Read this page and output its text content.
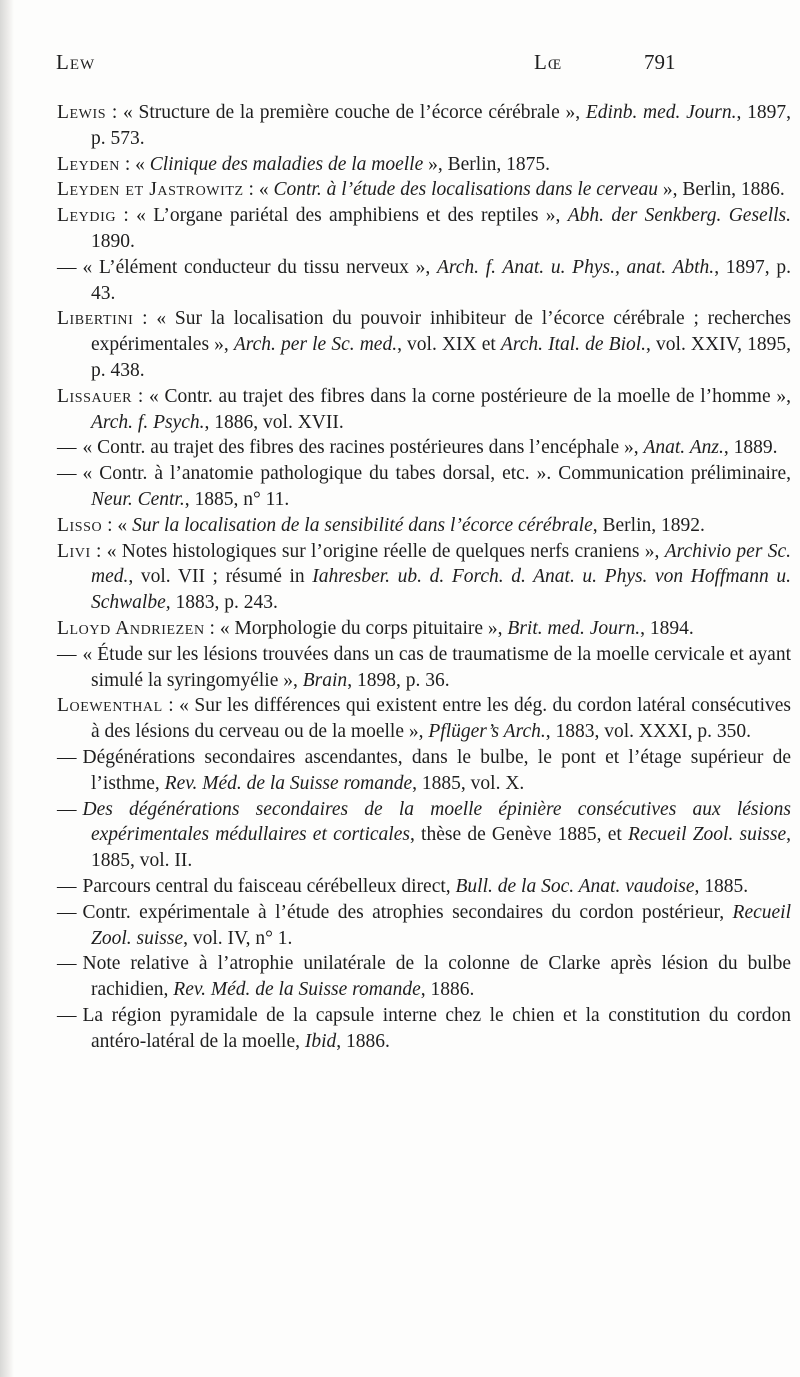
Lew	Lœ	791
Lewis : « Structure de la première couche de l’écorce cérébrale », Edinb. med. Journ., 1897, p. 573.
Leyden : « Clinique des maladies de la moelle », Berlin, 1875.
Leyden et Jastrowitz : « Contr. à l’étude des localisations dans le cerveau », Berlin, 1886.
Leydig : « L’organe pariétal des amphibiens et des reptiles », Abh. der Senkberg. Gesells. 1890.
— « L’élément conducteur du tissu nerveux », Arch. f. Anat. u. Phys., anat. Abth., 1897, p. 43.
Libertini : « Sur la localisation du pouvoir inhibiteur de l’écorce cérébrale ; recherches expérimentales », Arch. per le Sc. med., vol. XIX et Arch. Ital. de Biol., vol. XXIV, 1895, p. 438.
Lissauer : « Contr. au trajet des fibres dans la corne postérieure de la moelle de l’homme », Arch. f. Psych., 1886, vol. XVII.
— « Contr. au trajet des fibres des racines postérieures dans l’encéphale », Anat. Anz., 1889.
— « Contr. à l’anatomie pathologique du tabes dorsal, etc. ». Communication préliminaire, Neur. Centr., 1885, n° 11.
Lisso : « Sur la localisation de la sensibilité dans l’écorce cérébrale, Berlin, 1892.
Livi : « Notes histologiques sur l’origine réelle de quelques nerfs craniens », Archivio per Sc. med., vol. VII ; résumé in Iahresber. ub. d. Forch. d. Anat. u. Phys. von Hoffmann u. Schwalbe, 1883, p. 243.
Lloyd Andriezen : « Morphologie du corps pituitaire », Brit. med. Journ., 1894.
— « Étude sur les lésions trouvées dans un cas de traumatisme de la moelle cervicale et ayant simulé la syringomyélie », Brain, 1898, p. 36.
Loewenthal : « Sur les différences qui existent entre les dég. du cordon latéral consécutives à des lésions du cerveau ou de la moelle », Pflüger’s Arch., 1883, vol. XXXI, p. 350.
— Dégénérations secondaires ascendantes, dans le bulbe, le pont et l’étage supérieur de l’isthme, Rev. Méd. de la Suisse romande, 1885, vol. X.
— Des dégénérations secondaires de la moelle épinière consécutives aux lésions expérimentales médullaires et corticales, thèse de Genève 1885, et Recueil Zool. suisse, 1885, vol. II.
— Parcours central du faisceau cérébelleux direct, Bull. de la Soc. Anat. vaudoise, 1885.
— Contr. expérimentale à l’étude des atrophies secondaires du cordon postérieur, Recueil Zool. suisse, vol. IV, n° 1.
— Note relative à l’atrophie unilatérale de la colonne de Clarke après lésion du bulbe rachidien, Rev. Méd. de la Suisse romande, 1886.
— La région pyramidale de la capsule interne chez le chien et la constitution du cordon antéro-latéral de la moelle, Ibid, 1886.
